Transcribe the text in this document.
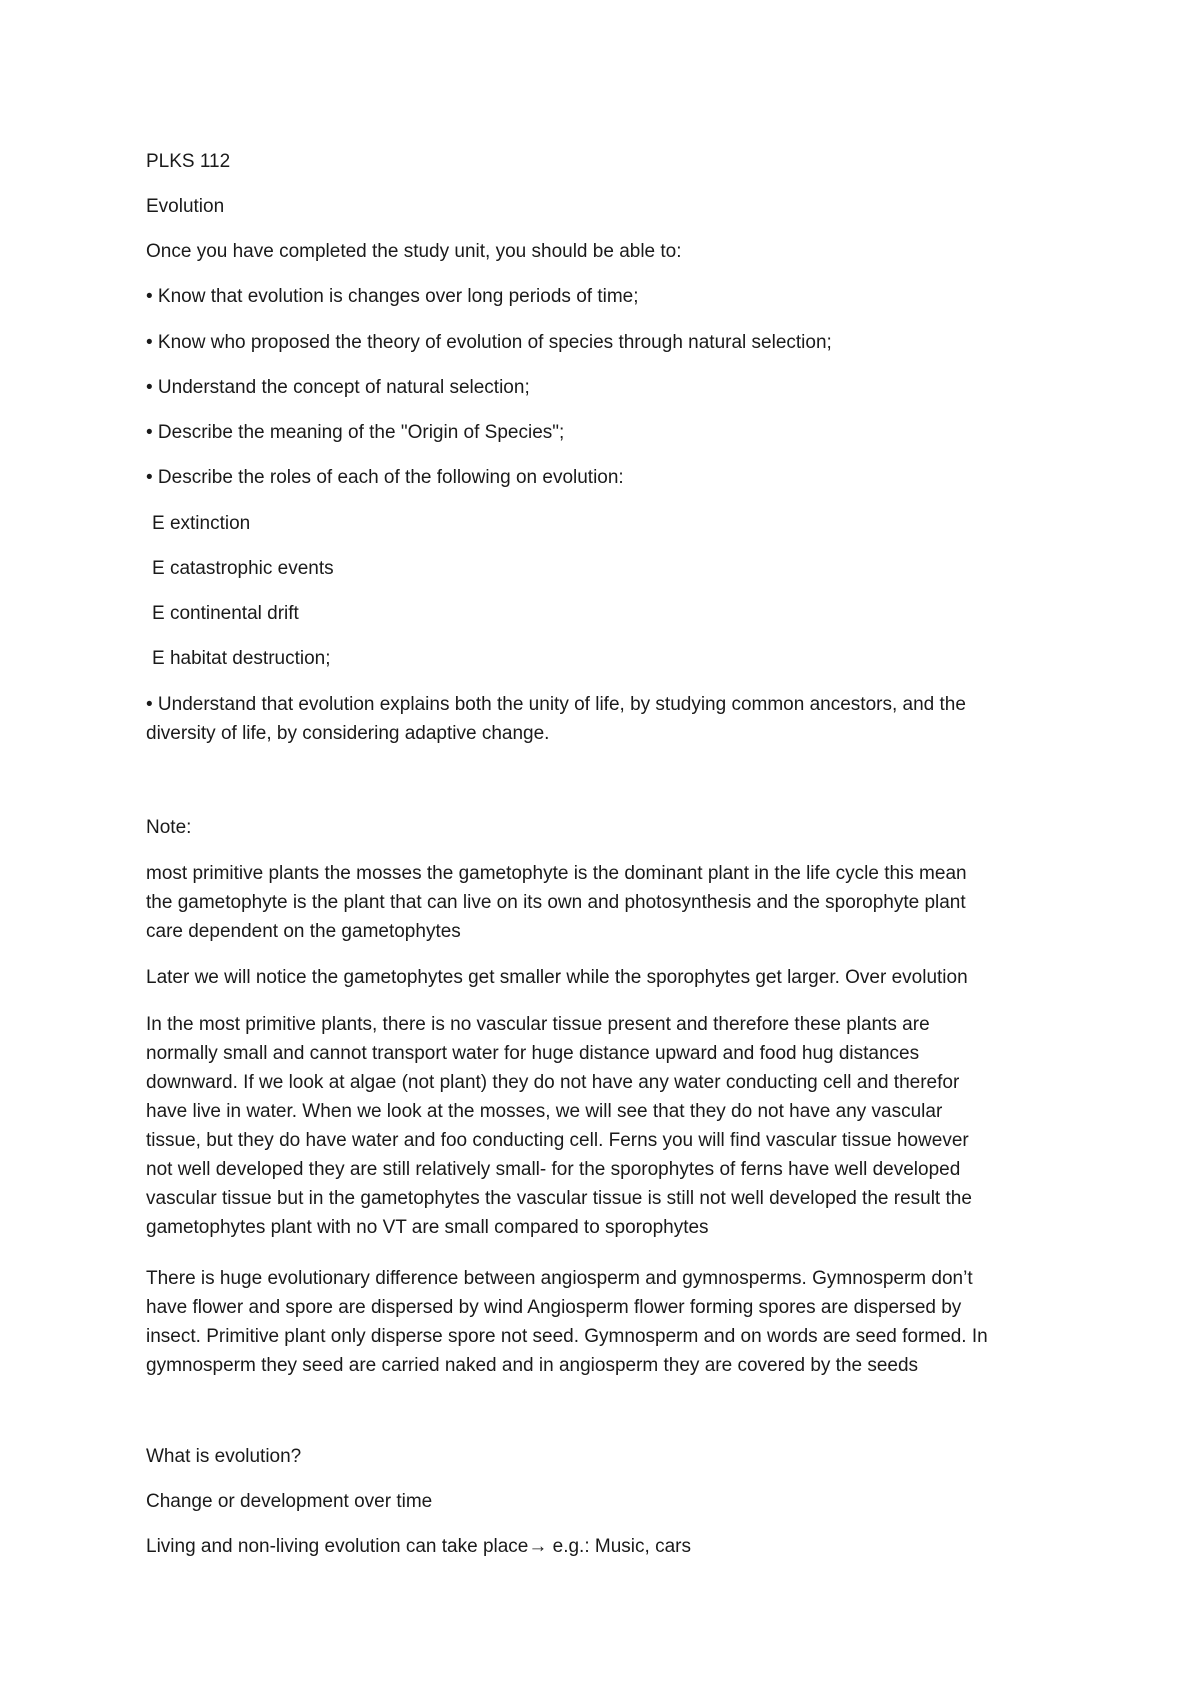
PLKS 112

Evolution

Once you have completed the study unit, you should be able to:

• Know that evolution is changes over long periods of time;

• Know who proposed the theory of evolution of species through natural selection;

• Understand the concept of natural selection;

• Describe the meaning of the "Origin of Species";

• Describe the roles of each of the following on evolution:

E extinction

E catastrophic events

E continental drift

E habitat destruction;

• Understand that evolution explains both the unity of life, by studying common ancestors, and the
diversity of life, by considering adaptive change.

Note:

most primitive plants the mosses the gametophyte is the dominant plant in the life cycle this mean
the gametophyte is the plant that can live on its own and photosynthesis and the sporophyte plant
care dependent on the gametophytes

Later we will notice the gametophytes get smaller while the sporophytes get larger. Over evolution

In the most primitive plants, there is no vascular tissue present and therefore these plants are
normally small and cannot transport water for huge distance upward and food hug distances
downward. If we look at algae (not plant) they do not have any water conducting cell and therefor
have live in water. When we look at the mosses, we will see that they do not have any vascular
tissue, but they do have water and foo conducting cell. Ferns you will find vascular tissue however
not well developed they are still relatively small- for the sporophytes of ferns have well developed
vascular tissue but in the gametophytes the vascular tissue is still not well developed the result the
gametophytes plant with no VT are small compared to sporophytes
There is huge evolutionary difference between angiosperm and gymnosperms. Gymnosperm don’t
have flower and spore are dispersed by wind Angiosperm flower forming spores are dispersed by
insect. Primitive plant only disperse spore not seed. Gymnosperm and on words are seed formed. In
gymnosperm they seed are carried naked and in angiosperm they are covered by the seeds

What is evolution?

Change or development over time

Living and non-living evolution can take place→ e.g.: Music, cars
